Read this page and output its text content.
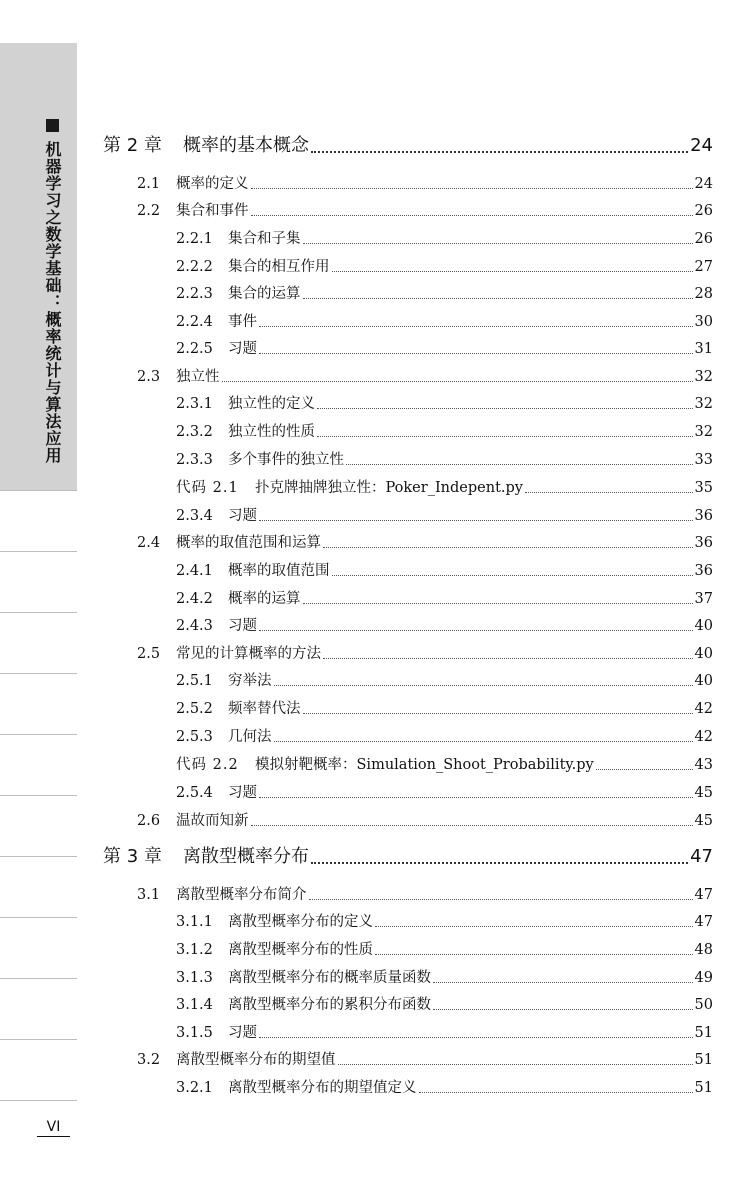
机器学习之数学基础：概率统计与算法应用 第 2 章	概率的基本概念	24
2.1	概率的定义	24
2.2	集合和事件	26
2.2.1	集合和子集	26
2.2.2	集合的相互作用	27
2.2.3	集合的运算	28
2.2.4	事件	30
2.2.5	习题	31
2.3	独立性	32
2.3.1	独立性的定义	32
2.3.2	独立性的性质	32
2.3.3	多个事件的独立性	33
代码 2.1	扑克牌抽牌独立性：Poker_Indepent.py	35
2.3.4	习题	36
2.4	概率的取值范围和运算	36
2.4.1	概率的取值范围	36
2.4.2	概率的运算	37
2.4.3	习题	40
2.5	常见的计算概率的方法	40
2.5.1	穷举法	40
2.5.2	频率替代法	42
2.5.3	几何法	42
代码 2.2	模拟射靶概率：Simulation_Shoot_Probability.py	43
2.5.4	习题	45
2.6	温故而知新	45
第 3 章	离散型概率分布	47
3.1	离散型概率分布简介	47
3.1.1	离散型概率分布的定义	47
3.1.2	离散型概率分布的性质	48
3.1.3	离散型概率分布的概率质量函数	49
3.1.4	离散型概率分布的累积分布函数	50
3.1.5	习题	51
3.2	离散型概率分布的期望值	51
3.2.1	离散型概率分布的期望值定义	51
VI
